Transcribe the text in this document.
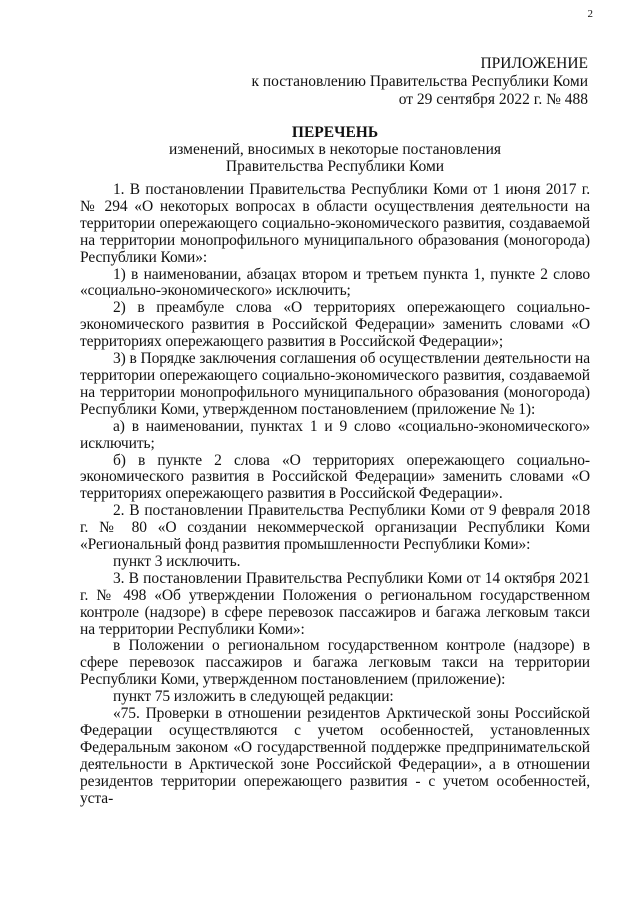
2
ПРИЛОЖЕНИЕ
к постановлению Правительства Республики Коми
от 29 сентября 2022 г. № 488
ПЕРЕЧЕНЬ
изменений, вносимых в некоторые постановления
Правительства Республики Коми

1. В постановлении Правительства Республики Коми от 1 июня 2017 г. № 294 «О некоторых вопросах в области осуществления деятельности на территории опережающего социально-экономического развития, создаваемой на территории монопрофильного муниципального образования (моногорода) Республики Коми»:

1) в наименовании, абзацах втором и третьем пункта 1, пункте 2 слово «социально-экономического» исключить;

2) в преамбуле слова «О территориях опережающего социально-экономического развития в Российской Федерации» заменить словами «О территориях опережающего развития в Российской Федерации»;

3) в Порядке заключения соглашения об осуществлении деятельности на территории опережающего социально-экономического развития, создаваемой на территории монопрофильного муниципального образования (моногорода) Республики Коми, утвержденном постановлением (приложение № 1):

а) в наименовании, пунктах 1 и 9 слово «социально-экономического» исключить;

б) в пункте 2 слова «О территориях опережающего социально-экономического развития в Российской Федерации» заменить словами «О территориях опережающего развития в Российской Федерации».

2. В постановлении Правительства Республики Коми от 9 февраля 2018 г. № 80 «О создании некоммерческой организации Республики Коми «Региональный фонд развития промышленности Республики Коми»:

пункт 3 исключить.

3. В постановлении Правительства Республики Коми от 14 октября 2021 г. № 498 «Об утверждении Положения о региональном государственном контроле (надзоре) в сфере перевозок пассажиров и багажа легковым такси на территории Республики Коми»:

в Положении о региональном государственном контроле (надзоре) в сфере перевозок пассажиров и багажа легковым такси на территории Республики Коми, утвержденном постановлением (приложение):

пункт 75 изложить в следующей редакции:

«75. Проверки в отношении резидентов Арктической зоны Российской Федерации осуществляются с учетом особенностей, установленных Федеральным законом «О государственной поддержке предпринимательской деятельности в Арктической зоне Российской Федерации», а в отношении резидентов территории опережающего развития - с учетом особенностей, уста-
